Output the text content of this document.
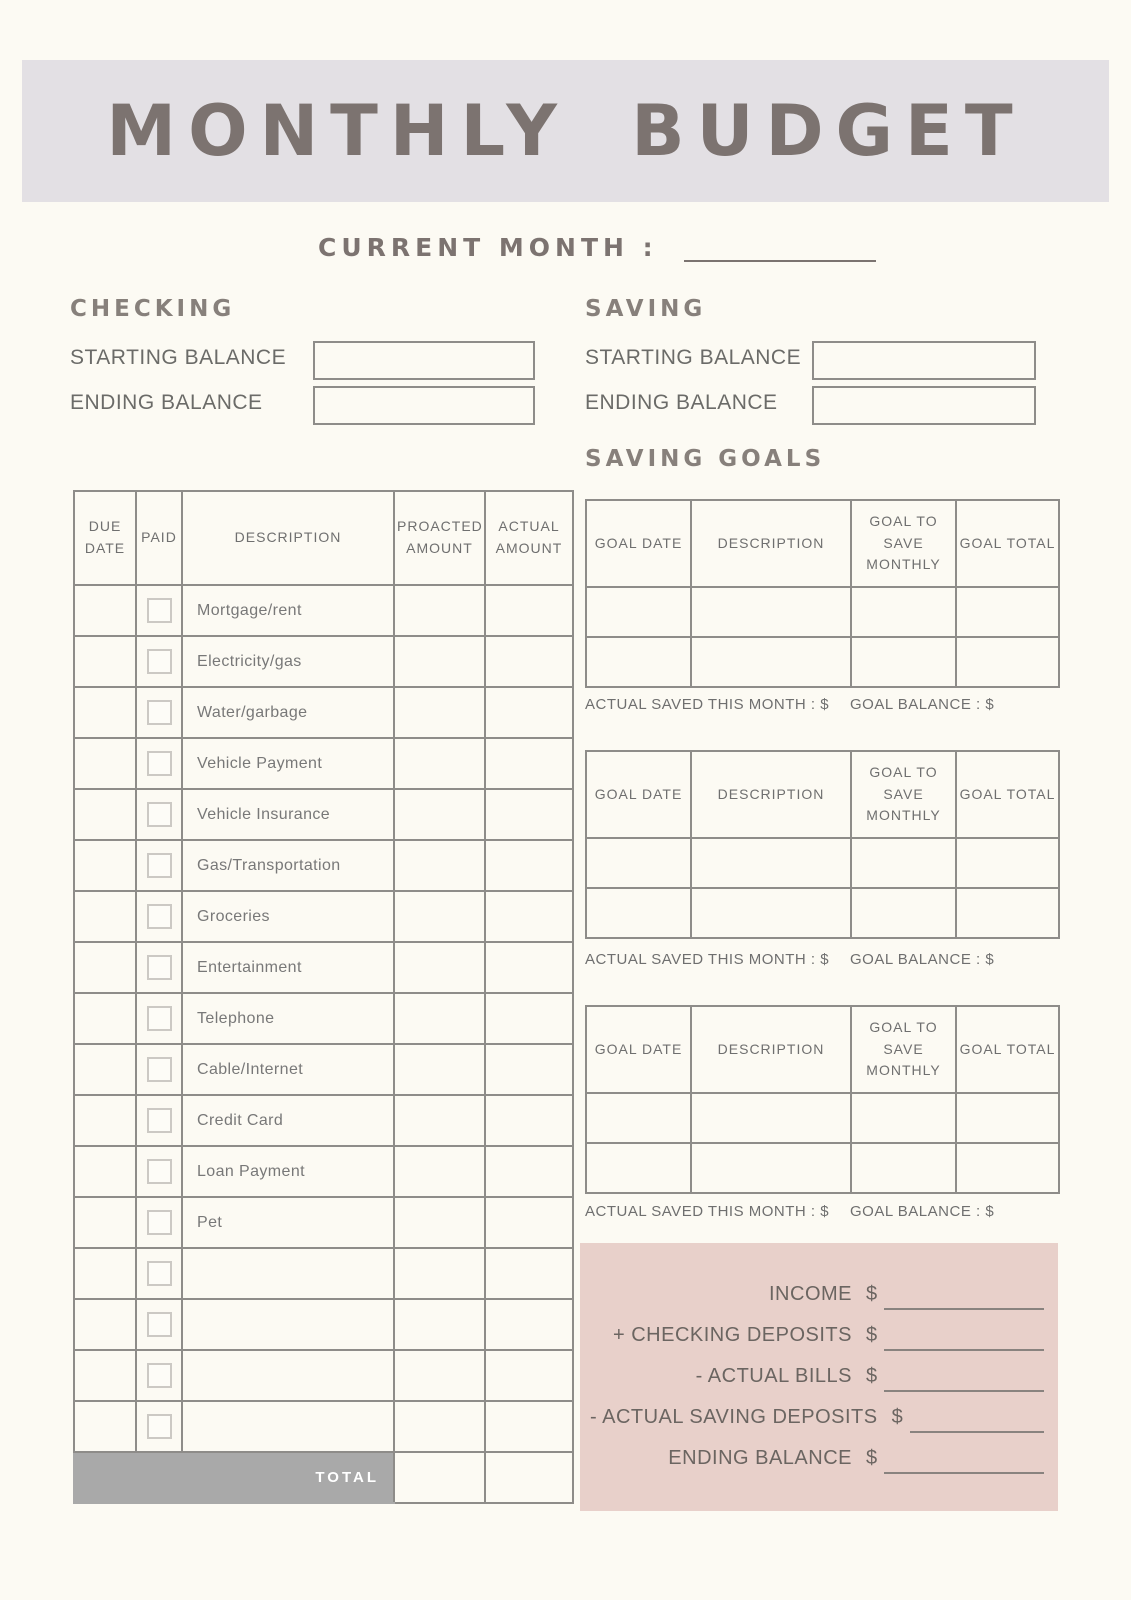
MONTHLY BUDGET
CURRENT MONTH :
CHECKING
STARTING BALANCE
ENDING BALANCE
SAVING
STARTING BALANCE
ENDING BALANCE
DUE DATE	PAID	DESCRIPTION	PROACTED AMOUNT	ACTUAL AMOUNT
		Mortgage/rent		
		Electricity/gas		
		Water/garbage		
		Vehicle Payment		
		Vehicle Insurance		
		Gas/Transportation		
		Groceries		
		Entertainment		
		Telephone		
		Cable/Internet		
		Credit Card		
		Loan Payment		
		Pet		

TOTAL				
SAVING GOALS
GOAL DATE	DESCRIPTION	GOAL TO SAVE MONTHLY	GOAL TOTAL

ACTUAL SAVED THIS MONTH : $ GOAL BALANCE : $
GOAL DATE	DESCRIPTION	GOAL TO SAVE MONTHLY	GOAL TOTAL

ACTUAL SAVED THIS MONTH : $ GOAL BALANCE : $
GOAL DATE	DESCRIPTION	GOAL TO SAVE MONTHLY	GOAL TOTAL

ACTUAL SAVED THIS MONTH : $ GOAL BALANCE : $
INCOME $
+ CHECKING DEPOSITS $
- ACTUAL BILLS $
- ACTUAL SAVING DEPOSITS $
ENDING BALANCE $
